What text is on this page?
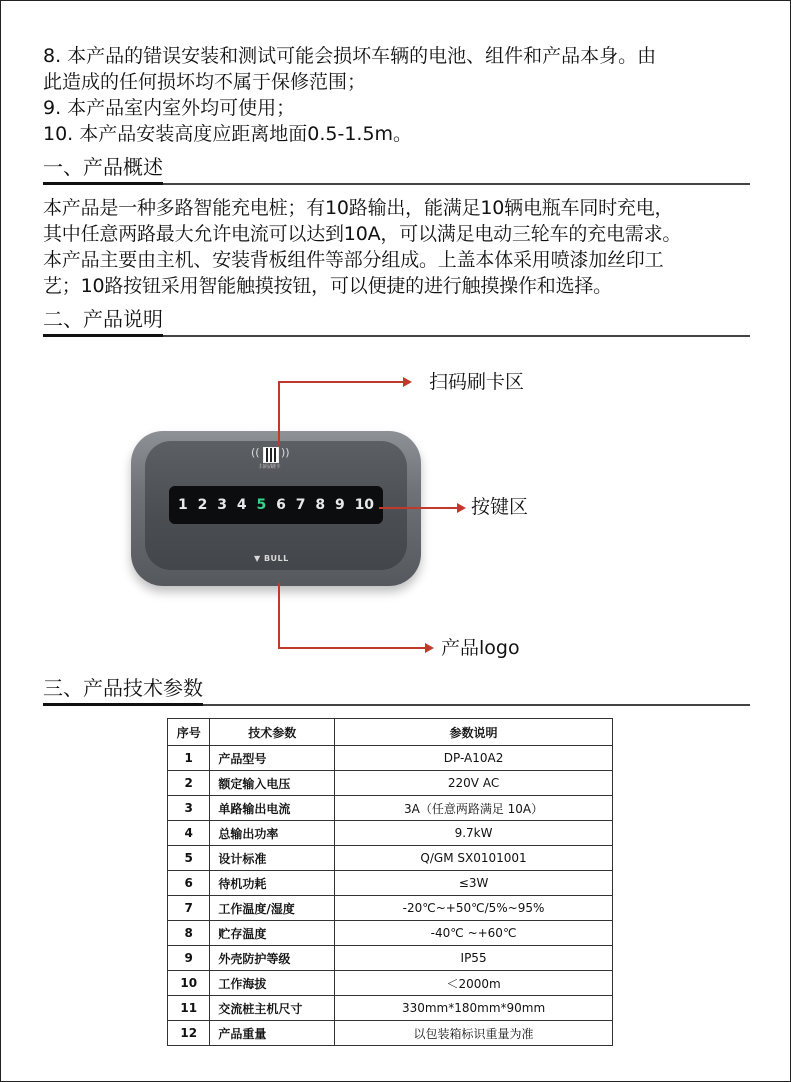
8. 本产品的错误安装和测试可能会损坏车辆的电池、组件和产品本身。由

此造成的任何损坏均不属于保修范围；

9. 本产品室内室外均可使用；

10. 本产品安装高度应距离地面0.5-1.5m。

一、产品概述

本产品是一种多路智能充电桩；有10路输出，能满足10辆电瓶车同时充电，

其中任意两路最大允许电流可以达到10A，可以满足电动三轮车的充电需求。

本产品主要由主机、安装背板组件等部分组成。上盖本体采用喷漆加丝印工

艺；10路按钮采用智能触摸按钮，可以便捷的进行触摸操作和选择。

二、产品说明
(( ))
扫码/刷卡
1 2 3 4 5 6 7 8 9 10
▼ BULL
扫码刷卡区
按键区
产品logo
三、产品技术参数
序号	技术参数	参数说明
1	产品型号	DP-A10A2
2	额定输入电压	220V AC
3	单路输出电流	3A（任意两路满足 10A）
4	总输出功率	9.7kW
5	设计标准	Q/GM SX0101001
6	待机功耗	≤3W
7	工作温度/湿度	-20℃~+50℃/5%~95%
8	贮存温度	-40℃ ~+60℃
9	外壳防护等级	IP55
10	工作海拔	＜2000m
11	交流桩主机尺寸	330mm*180mm*90mm
12	产品重量	以包装箱标识重量为准
